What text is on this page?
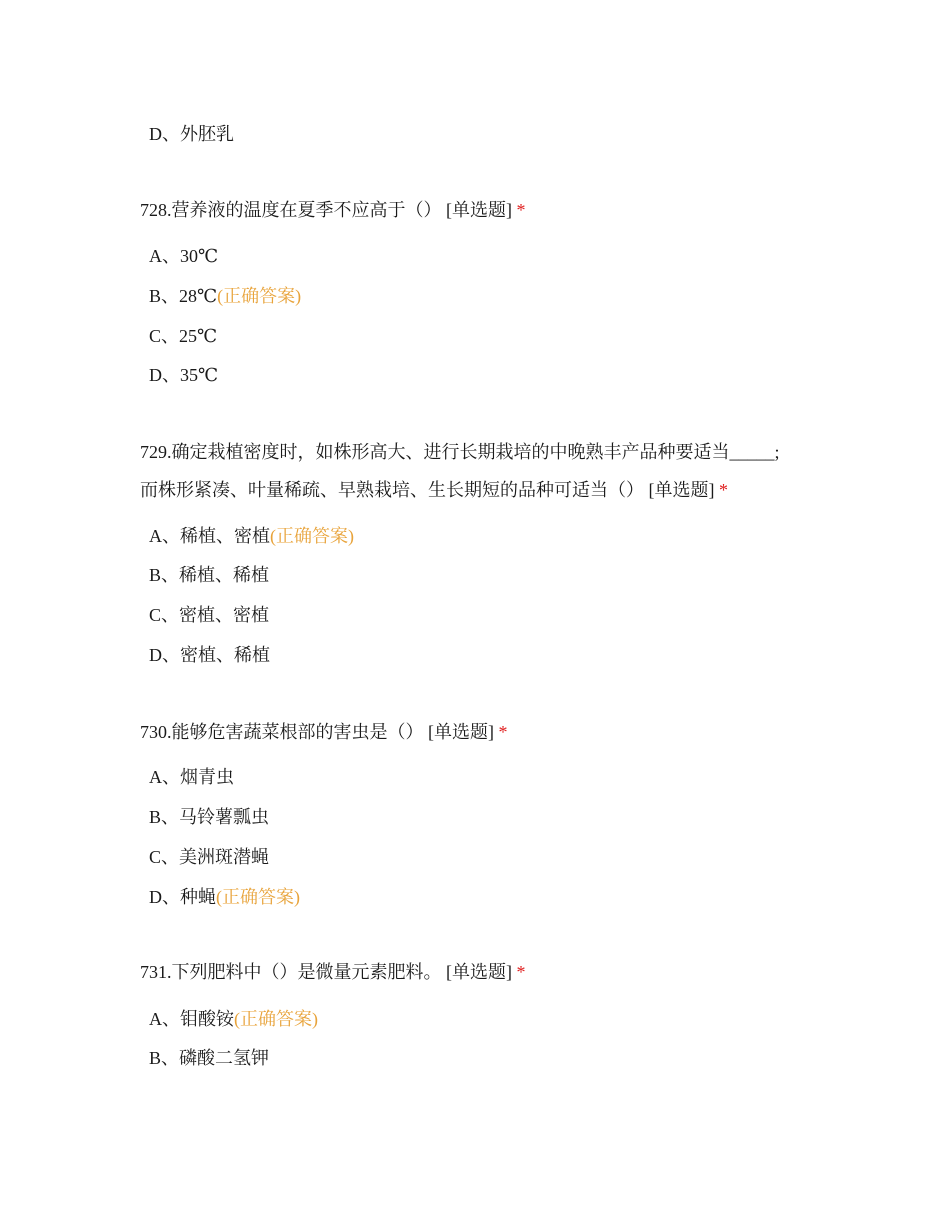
D、外胚乳
728.营养液的温度在夏季不应高于（） [单选题] *
A、30℃
B、28℃(正确答案)
C、25℃
D、35℃
729.确定栽植密度时，如株形高大、进行长期栽培的中晚熟丰产品种要适当_____;
而株形紧凑、叶量稀疏、早熟栽培、生长期短的品种可适当（） [单选题] *
A、稀植、密植(正确答案)
B、稀植、稀植
C、密植、密植
D、密植、稀植
730.能够危害蔬菜根部的害虫是（） [单选题] *
A、烟青虫
B、马铃薯瓢虫
C、美洲斑潜蝇
D、种蝇(正确答案)
731.下列肥料中（）是微量元素肥料。 [单选题] *
A、钼酸铵(正确答案)
B、磷酸二氢钾
